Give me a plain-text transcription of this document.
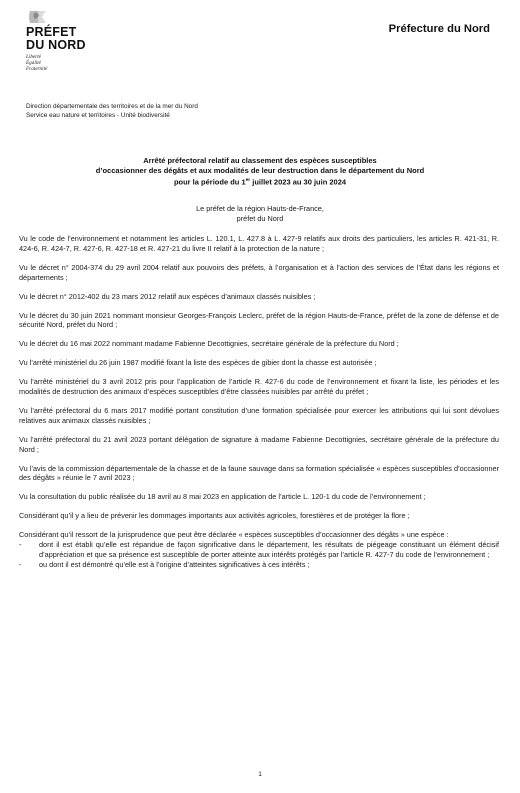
PRÉFET
DU NORD
Liberté
Égalité
Fraternité
Préfecture du Nord
Direction départementale des territoires et de la mer du Nord
Service eau nature et territoires - Unité biodiversité
Arrêté préfectoral relatif au classement des espèces susceptibles
d’occasionner des dégâts et aux modalités de leur destruction dans le département du Nord
pour la période du 1er juillet 2023 au 30 juin 2024
Le préfet de la région Hauts-de-France,
préfet du Nord

Vu le code de l’environnement et notamment les articles L. 120.1, L. 427.8 à L. 427-9 relatifs aux droits des particuliers, les articles R. 421-31, R. 424-6, R. 424-7, R. 427-6, R. 427-18 et R. 427-21 du livre II relatif à la protection de la nature ;

Vu le décret n° 2004-374 du 29 avril 2004 relatif aux pouvoirs des préfets, à l’organisation et à l’action des services de l’État dans les régions et départements ;

Vu le décret n° 2012-402 du 23 mars 2012 relatif aux espèces d’animaux classés nuisibles ;

Vu le décret du 30 juin 2021 nommant monsieur Georges-François Leclerc, préfet de la région Hauts-de-France, préfet de la zone de défense et de sécurité Nord, préfet du Nord ;

Vu le décret du 16 mai 2022 nommant madame Fabienne Decottignies, secrétaire générale de la préfecture du Nord ;

Vu l’arrêté ministériel du 26 juin 1987 modifié fixant la liste des espèces de gibier dont la chasse est autorisée ;

Vu l’arrêté ministériel du 3 avril 2012 pris pour l’application de l’article R. 427-6 du code de l’environnement et fixant la liste, les périodes et les modalités de destruction des animaux d’espèces susceptibles d’être classées nuisibles par arrêté du préfet ;

Vu l’arrêté préfectoral du 6 mars 2017 modifié portant constitution d’une formation spécialisée pour exercer les attributions qui lui sont dévolues relatives aux animaux classés nuisibles ;

Vu l’arrêté préfectoral du 21 avril 2023 portant délégation de signature à madame Fabienne Decottignies, secrétaire générale de la préfecture du Nord ;

Vu l’avis de la commission départementale de la chasse et de la faune sauvage dans sa formation spécialisée « espèces susceptibles d’occasionner des dégâts » réunie le 7 avril 2023 ;

Vu la consultation du public réalisée du 18 avril au 8 mai 2023 en application de l’article L. 120-1 du code de l’environnement ;

Considérant qu’il y a lieu de prévenir les dommages importants aux activités agricoles, forestières et de protéger la flore ;

Considérant qu’il ressort de la jurisprudence que peut être déclarée « espèces susceptibles d’occasionner des dégâts » une espèce :

- dont il est établi qu’elle est répandue de façon significative dans le département, les résultats de piégeage constituant un élément décisif d’appréciation et que sa présence est susceptible de porter atteinte aux intérêts protégés par l’article R. 427-7 du code de l’environnement ;
- ou dont il est démontré qu’elle est à l’origine d’atteintes significatives à ces intérêts ;
1
